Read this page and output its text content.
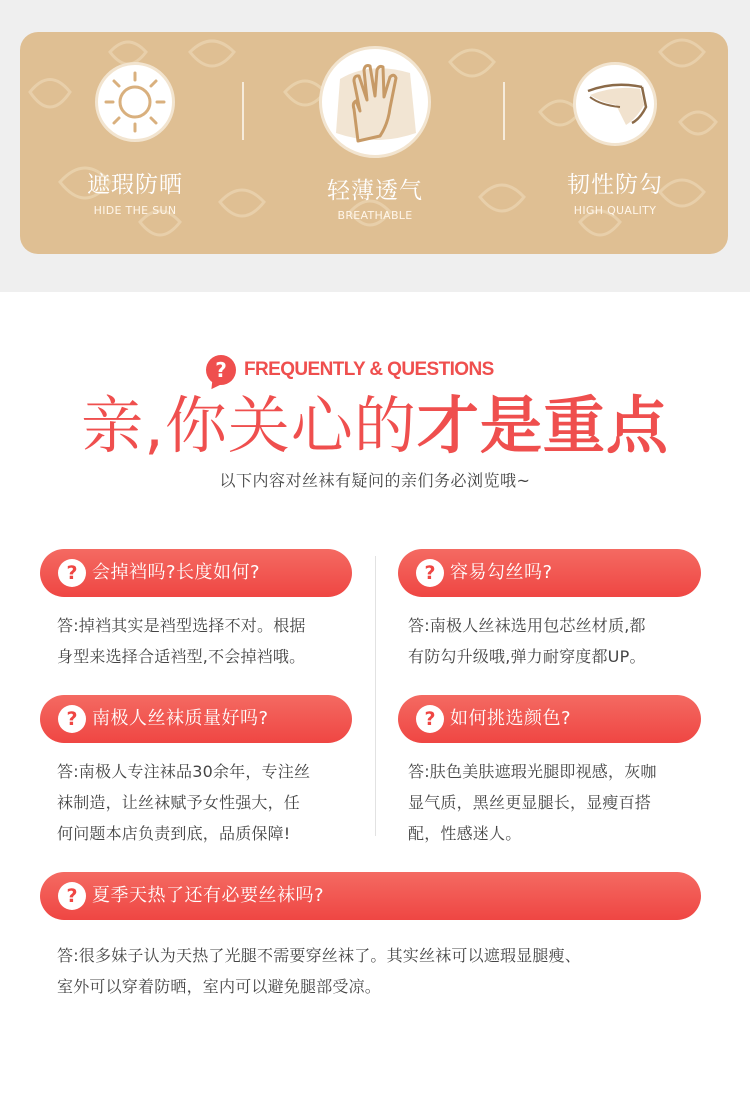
遮瑕防晒
HIDE THE SUN
轻薄透气
BREATHABLE
韧性防勾
HIGH QUALITY
? FREQUENTLY & QUESTIONS
亲,你关心的才是重点
以下内容对丝袜有疑问的亲们务必浏览哦~
? 会掉裆吗?长度如何?
答:掉裆其实是裆型选择不对。根据
身型来选择合适裆型,不会掉裆哦。
? 容易勾丝吗?
答:南极人丝袜选用包芯丝材质,都
有防勾升级哦,弹力耐穿度都UP。
? 南极人丝袜质量好吗?
答:南极人专注袜品30余年，专注丝
袜制造，让丝袜赋予女性强大，任
何问题本店负责到底，品质保障!
? 如何挑选颜色?
答:肤色美肤遮瑕光腿即视感，灰咖
显气质，黑丝更显腿长，显瘦百搭
配，性感迷人。
? 夏季天热了还有必要丝袜吗?
答:很多妹子认为天热了光腿不需要穿丝袜了。其实丝袜可以遮瑕显腿瘦、
室外可以穿着防晒，室内可以避免腿部受凉。
